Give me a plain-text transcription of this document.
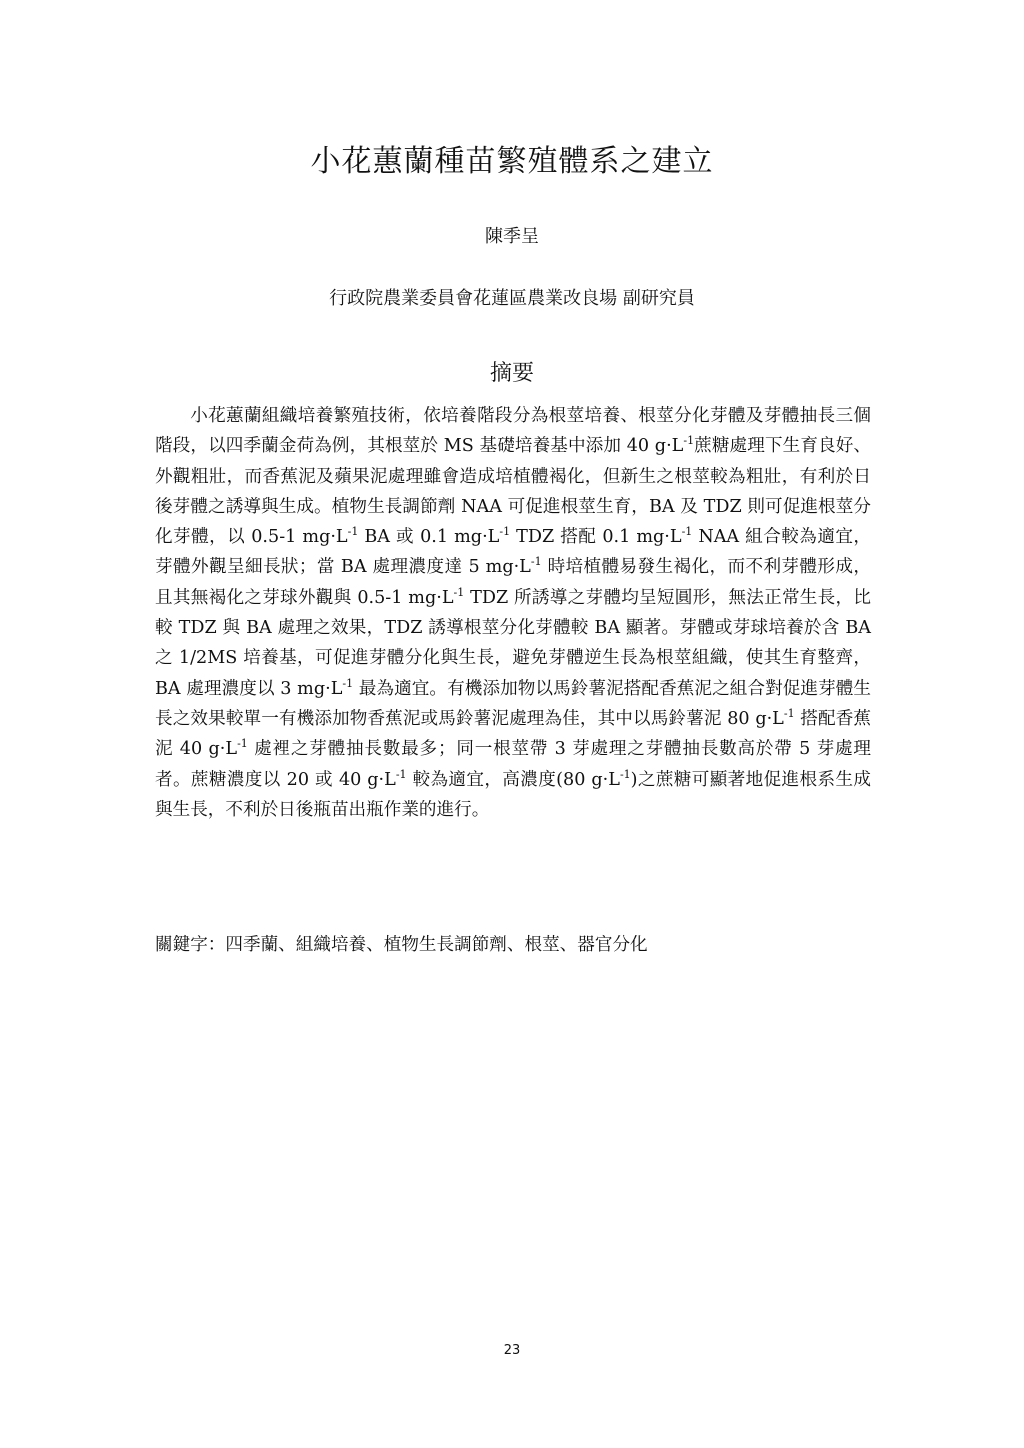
小花蕙蘭種苗繁殖體系之建立
陳季呈
行政院農業委員會花蓮區農業改良場 副研究員
摘要

小花蕙蘭組織培養繁殖技術，依培養階段分為根莖培養、根莖分化芽體及芽體抽長三個階段，以四季蘭金荷為例，其根莖於 MS 基礎培養基中添加 40 $g\cdot L^{-1}$蔗糖處理下生育良好、外觀粗壯，而香蕉泥及蘋果泥處理雖會造成培植體褐化，但新生之根莖較為粗壯，有利於日後芽體之誘導與生成。植物生長調節劑 NAA 可促進根莖生育，BA 及 TDZ 則可促進根莖分化芽體，以 0.5-1 $mg\cdot L^{-1}$ BA 或 0.1 $mg\cdot L^{-1}$ TDZ 搭配 0.1 $mg\cdot L^{-1}$ NAA 組合較為適宜，芽體外觀呈細長狀；當 BA 處理濃度達 5 $mg\cdot L^{-1}$ 時培植體易發生褐化，而不利芽體形成，且其無褐化之芽球外觀與 0.5-1 $mg\cdot L^{-1}$ TDZ 所誘導之芽體均呈短圓形，無法正常生長，比較 TDZ 與 BA 處理之效果，TDZ 誘導根莖分化芽體較 BA 顯著。芽體或芽球培養於含 BA 之 1/2MS 培養基，可促進芽體分化與生長，避免芽體逆生長為根莖組織，使其生育整齊，BA 處理濃度以 3 $mg\cdot L^{-1}$ 最為適宜。有機添加物以馬鈴薯泥搭配香蕉泥之組合對促進芽體生長之效果較單一有機添加物香蕉泥或馬鈴薯泥處理為佳，其中以馬鈴薯泥 80 $g\cdot L^{-1}$ 搭配香蕉泥 40 $g\cdot L^{-1}$ 處裡之芽體抽長數最多；同一根莖帶 3 芽處理之芽體抽長數高於帶 5 芽處理者。蔗糖濃度以 20 或 40 $g\cdot L^{-1}$ 較為適宜，高濃度(80 $g\cdot L^{-1}$)之蔗糖可顯著地促進根系生成與生長，不利於日後瓶苗出瓶作業的進行。

關鍵字：四季蘭、組織培養、植物生長調節劑、根莖、器官分化

23
